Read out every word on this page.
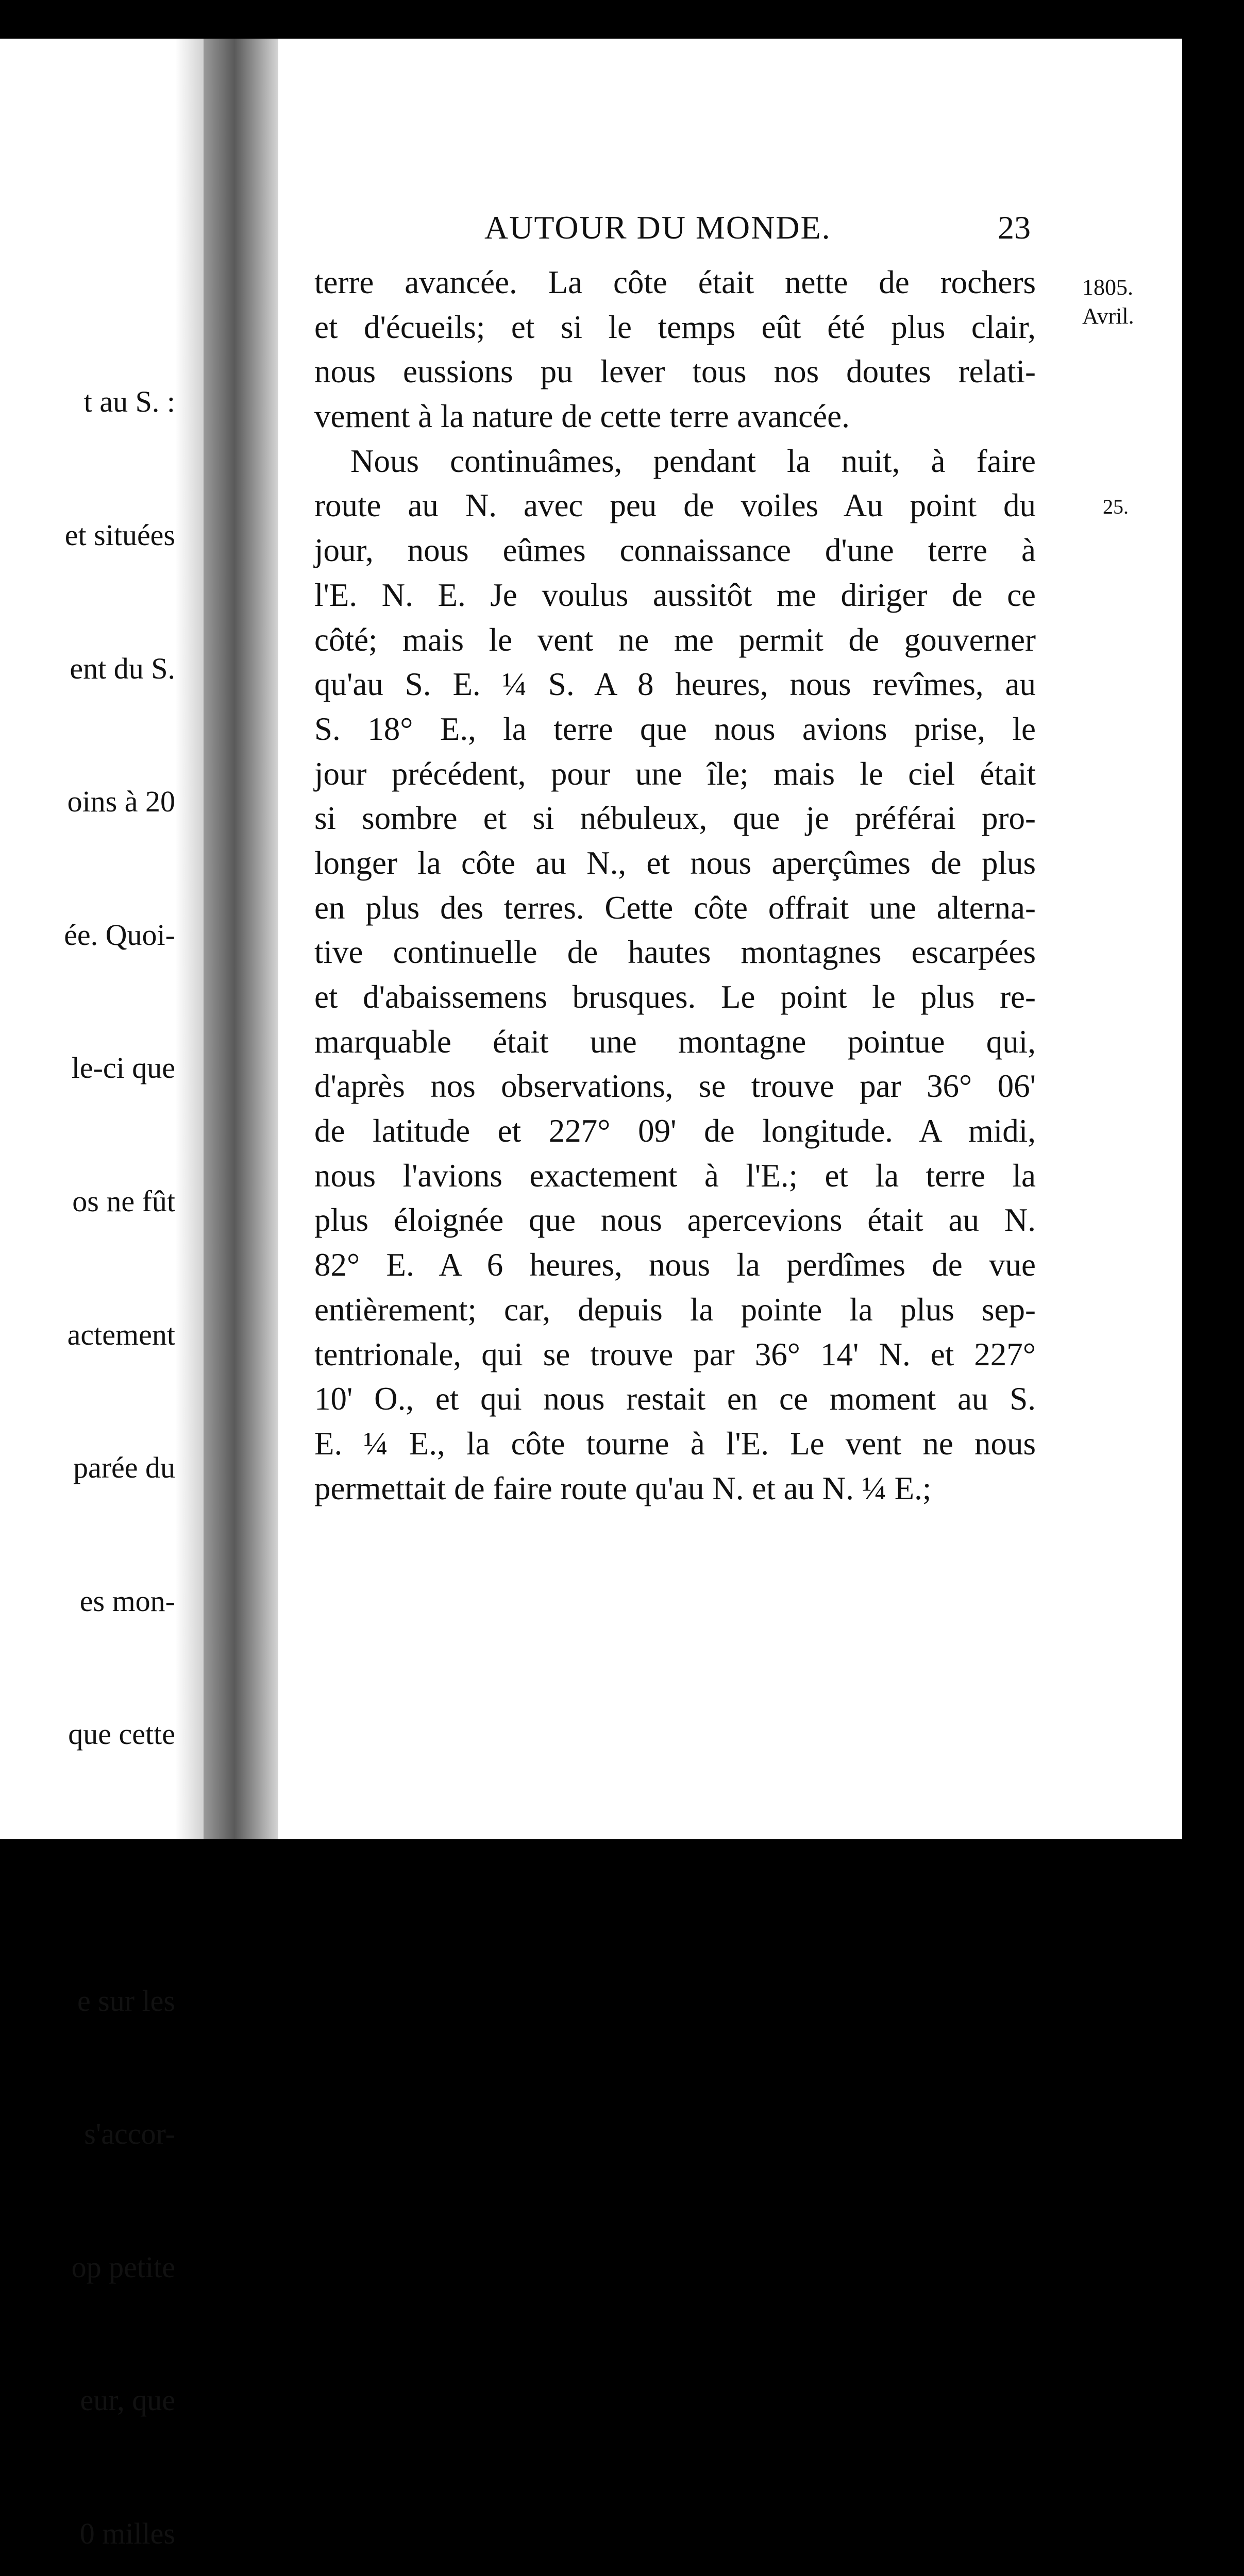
t au S. :

et situées

ent du S.

oins à 20

ée. Quoi-

le-ci que

os ne fût

actement

parée du

es mon-

que cette

e sur les

s'accor-

op petite

eur, que

0 milles

AUTOUR DU MONDE.	23
1805.
Avril.
25.
terre avancée. La côte était nette de rochers
et d'écueils; et si le temps eût été plus clair,
nous eussions pu lever tous nos doutes relati-
vement à la nature de cette terre avancée.
Nous continuâmes, pendant la nuit, à faire
route au N. avec peu de voiles Au point du
jour, nous eûmes connaissance d'une terre à
l'E. N. E. Je voulus aussitôt me diriger de ce
côté; mais le vent ne me permit de gouverner
qu'au S. E. ¼ S. A 8 heures, nous revîmes, au
S. 18° E., la terre que nous avions prise, le
jour précédent, pour une île; mais le ciel était
si sombre et si nébuleux, que je préférai pro-
longer la côte au N., et nous aperçûmes de plus
en plus des terres. Cette côte offrait une alterna-
tive continuelle de hautes montagnes escarpées
et d'abaissemens brusques. Le point le plus re-
marquable était une montagne pointue qui,
d'après nos observations, se trouve par 36° 06'
de latitude et 227° 09' de longitude. A midi,
nous l'avions exactement à l'E.; et la terre la
plus éloignée que nous apercevions était au N.
82° E. A 6 heures, nous la perdîmes de vue
entièrement; car, depuis la pointe la plus sep-
tentrionale, qui se trouve par 36° 14' N. et 227°
10' O., et qui nous restait en ce moment au S.
E. ¼ E., la côte tourne à l'E. Le vent ne nous
permettait de faire route qu'au N. et au N. ¼ E.;
